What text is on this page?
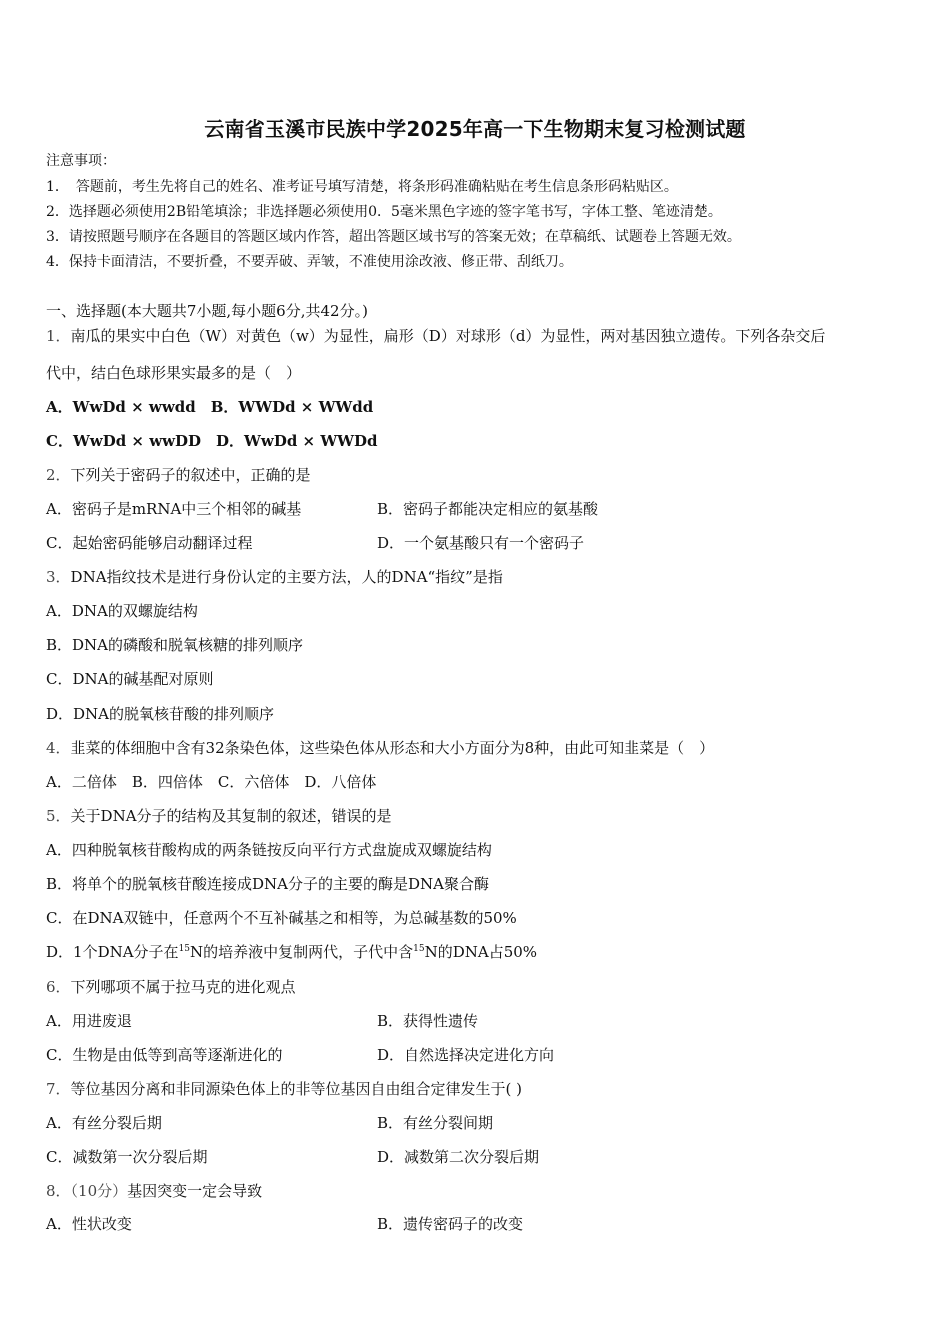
云南省玉溪市民族中学2025年高一下生物期末复习检测试题
注意事项：
1．　答题前，考生先将自己的姓名、准考证号填写清楚，将条形码准确粘贴在考生信息条形码粘贴区。
2．选择题必须使用2B铅笔填涂；非选择题必须使用0．5毫米黑色字迹的签字笔书写，字体工整、笔迹清楚。
3．请按照题号顺序在各题目的答题区域内作答，超出答题区域书写的答案无效；在草稿纸、试题卷上答题无效。
4．保持卡面清洁，不要折叠，不要弄破、弄皱，不准使用涂改液、修正带、刮纸刀。
一、选择题(本大题共7小题,每小题6分,共42分。)
1．南瓜的果实中白色（W）对黄色（w）为显性，扁形（D）对球形（d）为显性，两对基因独立遗传。下列各杂交后
代中，结白色球形果实最多的是（　）
A．WwDd × wwdd　B．WWDd × WWdd
C．WwDd × wwDD　D．WwDd × WWDd
2．下列关于密码子的叙述中，正确的是
A．密码子是mRNA中三个相邻的碱基	B．密码子都能决定相应的氨基酸
C．起始密码能够启动翻译过程	D．一个氨基酸只有一个密码子
3．DNA指纹技术是进行身份认定的主要方法，人的DNA“指纹”是指
A．DNA的双螺旋结构
B．DNA的磷酸和脱氧核糖的排列顺序
C．DNA的碱基配对原则
D．DNA的脱氧核苷酸的排列顺序
4．韭菜的体细胞中含有32条染色体，这些染色体从形态和大小方面分为8种，由此可知韭菜是（　）
A．二倍体　B．四倍体　C．六倍体　D．八倍体
5．关于DNA分子的结构及其复制的叙述，错误的是
A．四种脱氧核苷酸构成的两条链按反向平行方式盘旋成双螺旋结构
B．将单个的脱氧核苷酸连接成DNA分子的主要的酶是DNA聚合酶
C．在DNA双链中，任意两个不互补碱基之和相等，为总碱基数的50%
D．1个DNA分子在$^{15}$N的培养液中复制两代，子代中含$^{15}$N的DNA占50%
6．下列哪项不属于拉马克的进化观点
A．用进废退	B．获得性遗传
C．生物是由低等到高等逐渐进化的	D．自然选择决定进化方向
7．等位基因分离和非同源染色体上的非等位基因自由组合定律发生于( )
A．有丝分裂后期	B．有丝分裂间期
C．减数第一次分裂后期	D．减数第二次分裂后期
8．（10分）基因突变一定会导致
A．性状改变	B．遗传密码子的改变
